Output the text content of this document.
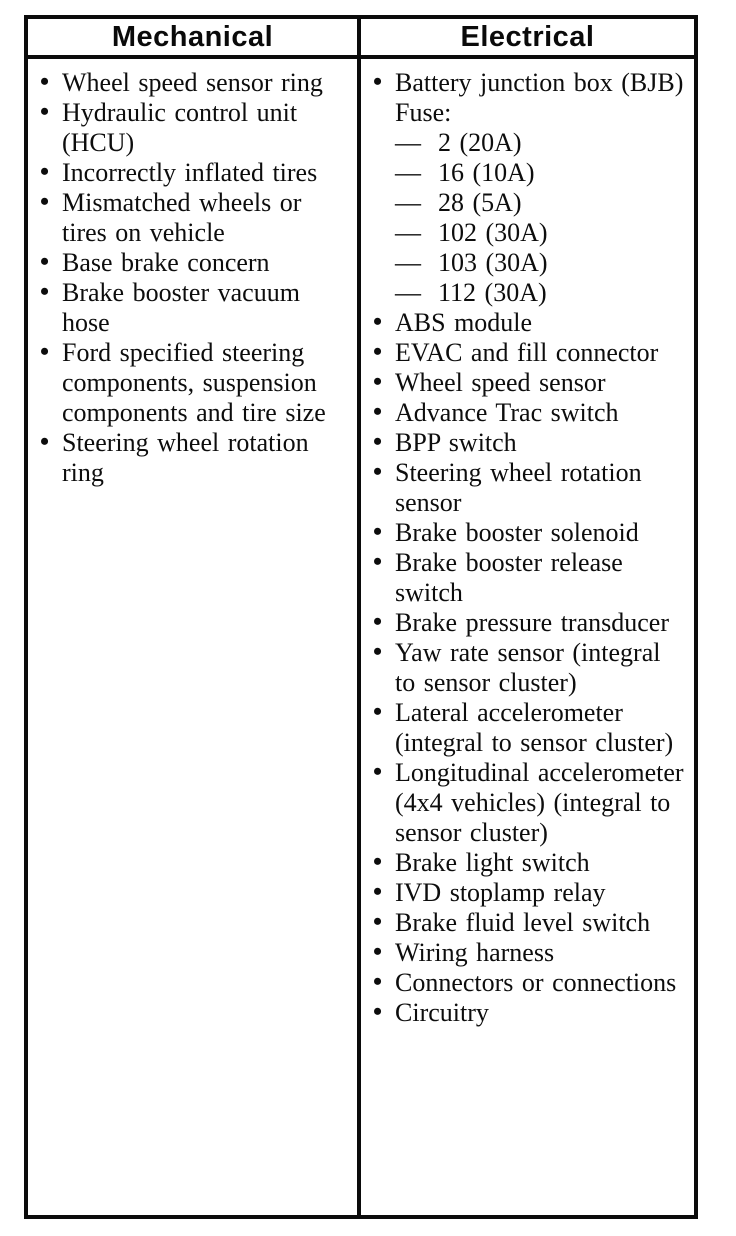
Mechanical	Electrical
• Wheel speed sensor ring
• Hydraulic control unit (HCU)
• Incorrectly inflated tires
• Mismatched wheels or tires on vehicle
• Base brake concern
• Brake booster vacuum hose
• Ford specified steering components, suspension components and tire size
• Steering wheel rotation ring
• Battery junction box (BJB) Fuse:
— 2 (20A)
— 16 (10A)
— 28 (5A)
— 102 (30A)
— 103 (30A)
— 112 (30A)
• ABS module
• EVAC and fill connector
• Wheel speed sensor
• Advance Trac switch
• BPP switch
• Steering wheel rotation sensor
• Brake booster solenoid
• Brake booster release switch
• Brake pressure transducer
• Yaw rate sensor (integral to sensor cluster)
• Lateral accelerometer (integral to sensor cluster)
• Longitudinal accelerometer (4x4 vehicles) (integral to sensor cluster)
• Brake light switch
• IVD stoplamp relay
• Brake fluid level switch
• Wiring harness
• Connectors or connections
• Circuitry
